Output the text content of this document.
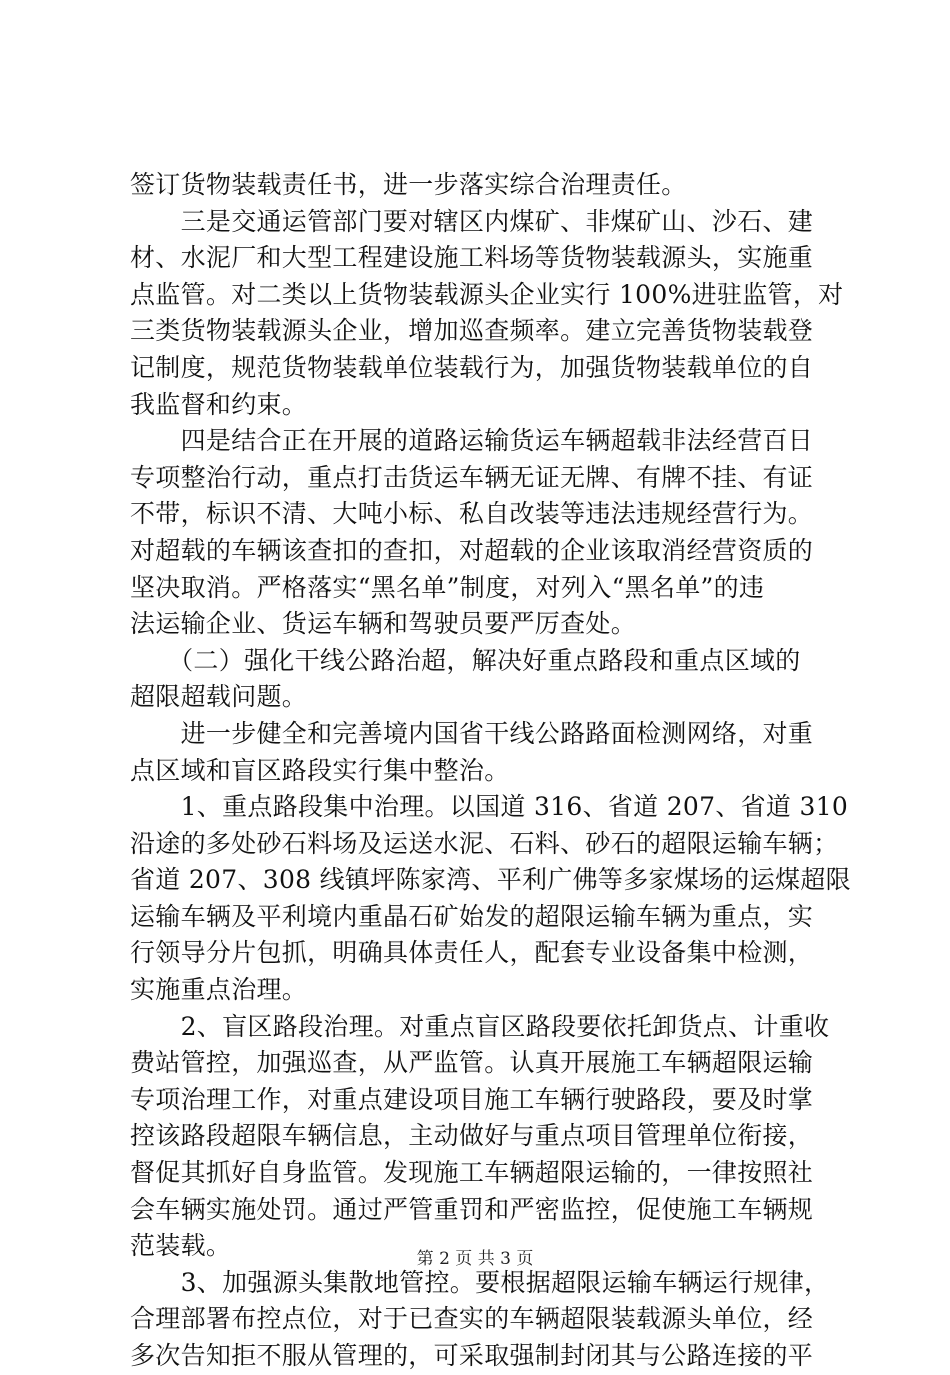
签订货物装载责任书，进一步落实综合治理责任。
　　三是交通运管部门要对辖区内煤矿、非煤矿山、沙石、建
材、水泥厂和大型工程建设施工料场等货物装载源头，实施重
点监管。对二类以上货物装载源头企业实行 100%进驻监管，对
三类货物装载源头企业，增加巡查频率。建立完善货物装载登
记制度，规范货物装载单位装载行为，加强货物装载单位的自
我监督和约束。
　　四是结合正在开展的道路运输货运车辆超载非法经营百日
专项整治行动，重点打击货运车辆无证无牌、有牌不挂、有证
不带，标识不清、大吨小标、私自改装等违法违规经营行为。
对超载的车辆该查扣的查扣，对超载的企业该取消经营资质的
坚决取消。严格落实“黑名单”制度，对列入“黑名单”的违
法运输企业、货运车辆和驾驶员要严厉查处。
　　（二）强化干线公路治超，解决好重点路段和重点区域的
超限超载问题。
　　进一步健全和完善境内国省干线公路路面检测网络，对重
点区域和盲区路段实行集中整治。
　　1、重点路段集中治理。以国道 316、省道 207、省道 310
沿途的多处砂石料场及运送水泥、石料、砂石的超限运输车辆；
省道 207、308 线镇坪陈家湾、平利广佛等多家煤场的运煤超限
运输车辆及平利境内重晶石矿始发的超限运输车辆为重点，实
行领导分片包抓，明确具体责任人，配套专业设备集中检测，
实施重点治理。
　　2、盲区路段治理。对重点盲区路段要依托卸货点、计重收
费站管控，加强巡查，从严监管。认真开展施工车辆超限运输
专项治理工作，对重点建设项目施工车辆行驶路段，要及时掌
控该路段超限车辆信息，主动做好与重点项目管理单位衔接，
督促其抓好自身监管。发现施工车辆超限运输的，一律按照社
会车辆实施处罚。通过严管重罚和严密监控，促使施工车辆规
范装载。
　　3、加强源头集散地管控。要根据超限运输车辆运行规律，
合理部署布控点位，对于已查实的车辆超限装载源头单位，经
多次告知拒不服从管理的，可采取强制封闭其与公路连接的平
第 2 页 共 3 页
